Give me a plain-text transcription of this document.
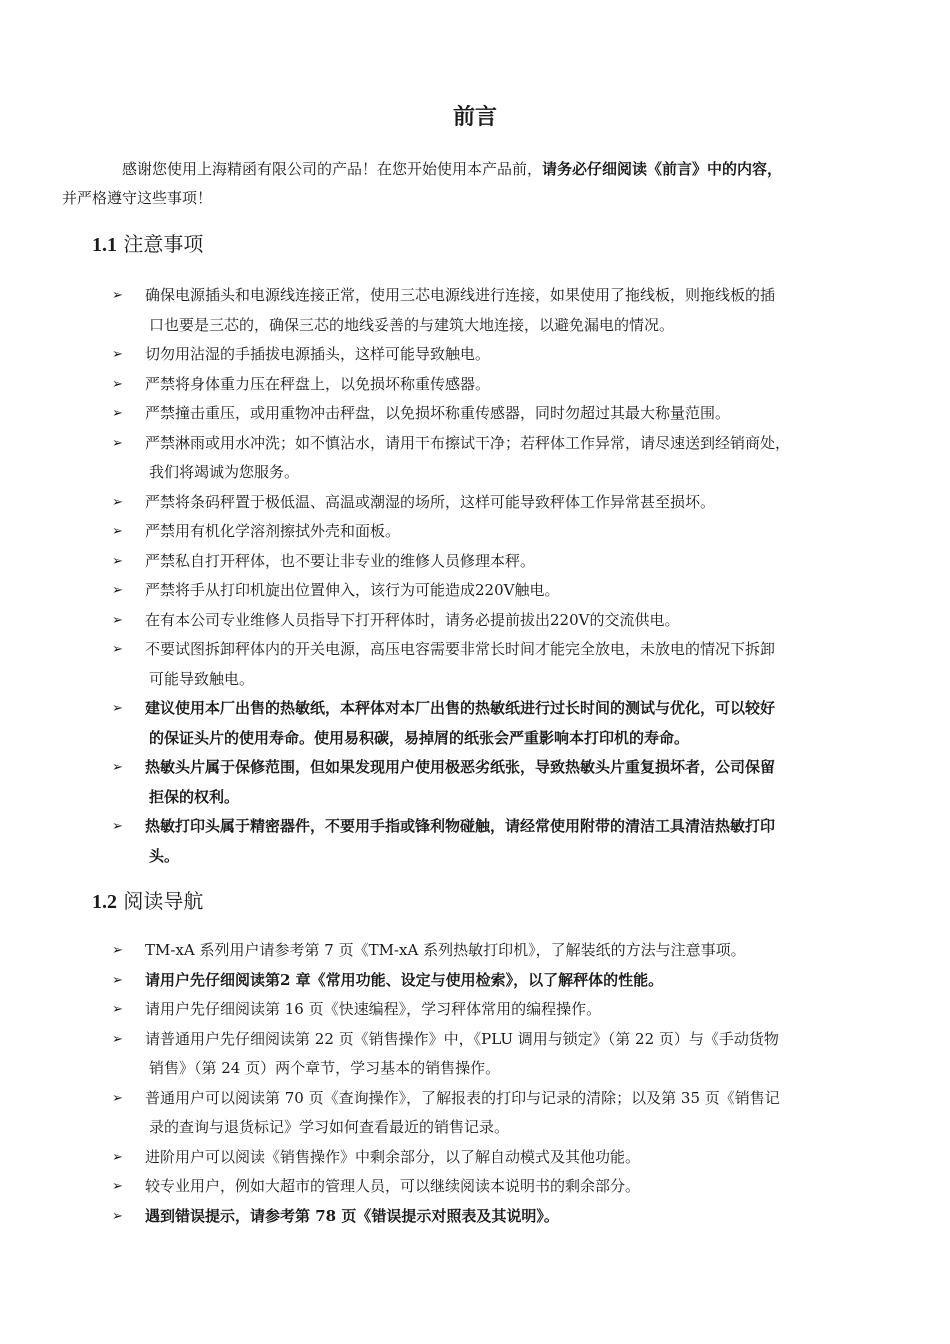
前言
感谢您使用上海精函有限公司的产品！在您开始使用本产品前，请务必仔细阅读《前言》中的内容，
并严格遵守这些事项！
1.1 注意事项
➢	确保电源插头和电源线连接正常，使用三芯电源线进行连接，如果使用了拖线板，则拖线板的插
口也要是三芯的，确保三芯的地线妥善的与建筑大地连接，以避免漏电的情况。
➢	切勿用沾湿的手插拔电源插头，这样可能导致触电。
➢	严禁将身体重力压在秤盘上，以免损坏称重传感器。
➢	严禁撞击重压，或用重物冲击秤盘，以免损坏称重传感器，同时勿超过其最大称量范围。
➢	严禁淋雨或用水冲洗；如不慎沾水，请用干布擦试干净；若秤体工作异常，请尽速送到经销商处，
我们将竭诚为您服务。
➢	严禁将条码秤置于极低温、高温或潮湿的场所，这样可能导致秤体工作异常甚至损坏。
➢	严禁用有机化学溶剂擦拭外壳和面板。
➢	严禁私自打开秤体，也不要让非专业的维修人员修理本秤。
➢	严禁将手从打印机旋出位置伸入，该行为可能造成220V触电。
➢	在有本公司专业维修人员指导下打开秤体时，请务必提前拔出220V的交流供电。
➢	不要试图拆卸秤体内的开关电源，高压电容需要非常长时间才能完全放电，未放电的情况下拆卸
可能导致触电。
➢	建议使用本厂出售的热敏纸，本秤体对本厂出售的热敏纸进行过长时间的测试与优化，可以较好
的保证头片的使用寿命。使用易积碳，易掉屑的纸张会严重影响本打印机的寿命。
➢	热敏头片属于保修范围，但如果发现用户使用极恶劣纸张，导致热敏头片重复损坏者，公司保留
拒保的权利。
➢	热敏打印头属于精密器件，不要用手指或锋利物碰触，请经常使用附带的清洁工具清洁热敏打印
头。
1.2 阅读导航
➢	TM-xA 系列用户请参考第 7 页《TM-xA 系列热敏打印机》，了解装纸的方法与注意事项。
➢	请用户先仔细阅读第2 章《常用功能、设定与使用检索》，以了解秤体的性能。
➢	请用户先仔细阅读第 16 页《快速编程》，学习秤体常用的编程操作。
➢	请普通用户先仔细阅读第 22 页《销售操作》中，《PLU 调用与锁定》（第 22 页）与《手动货物
销售》（第 24 页）两个章节，学习基本的销售操作。
➢	普通用户可以阅读第 70 页《查询操作》，了解报表的打印与记录的清除；以及第 35 页《销售记
录的查询与退货标记》学习如何查看最近的销售记录。
➢	进阶用户可以阅读《销售操作》中剩余部分，以了解自动模式及其他功能。
➢	较专业用户，例如大超市的管理人员，可以继续阅读本说明书的剩余部分。
➢	遇到错误提示，请参考第 78 页《错误提示对照表及其说明》。
